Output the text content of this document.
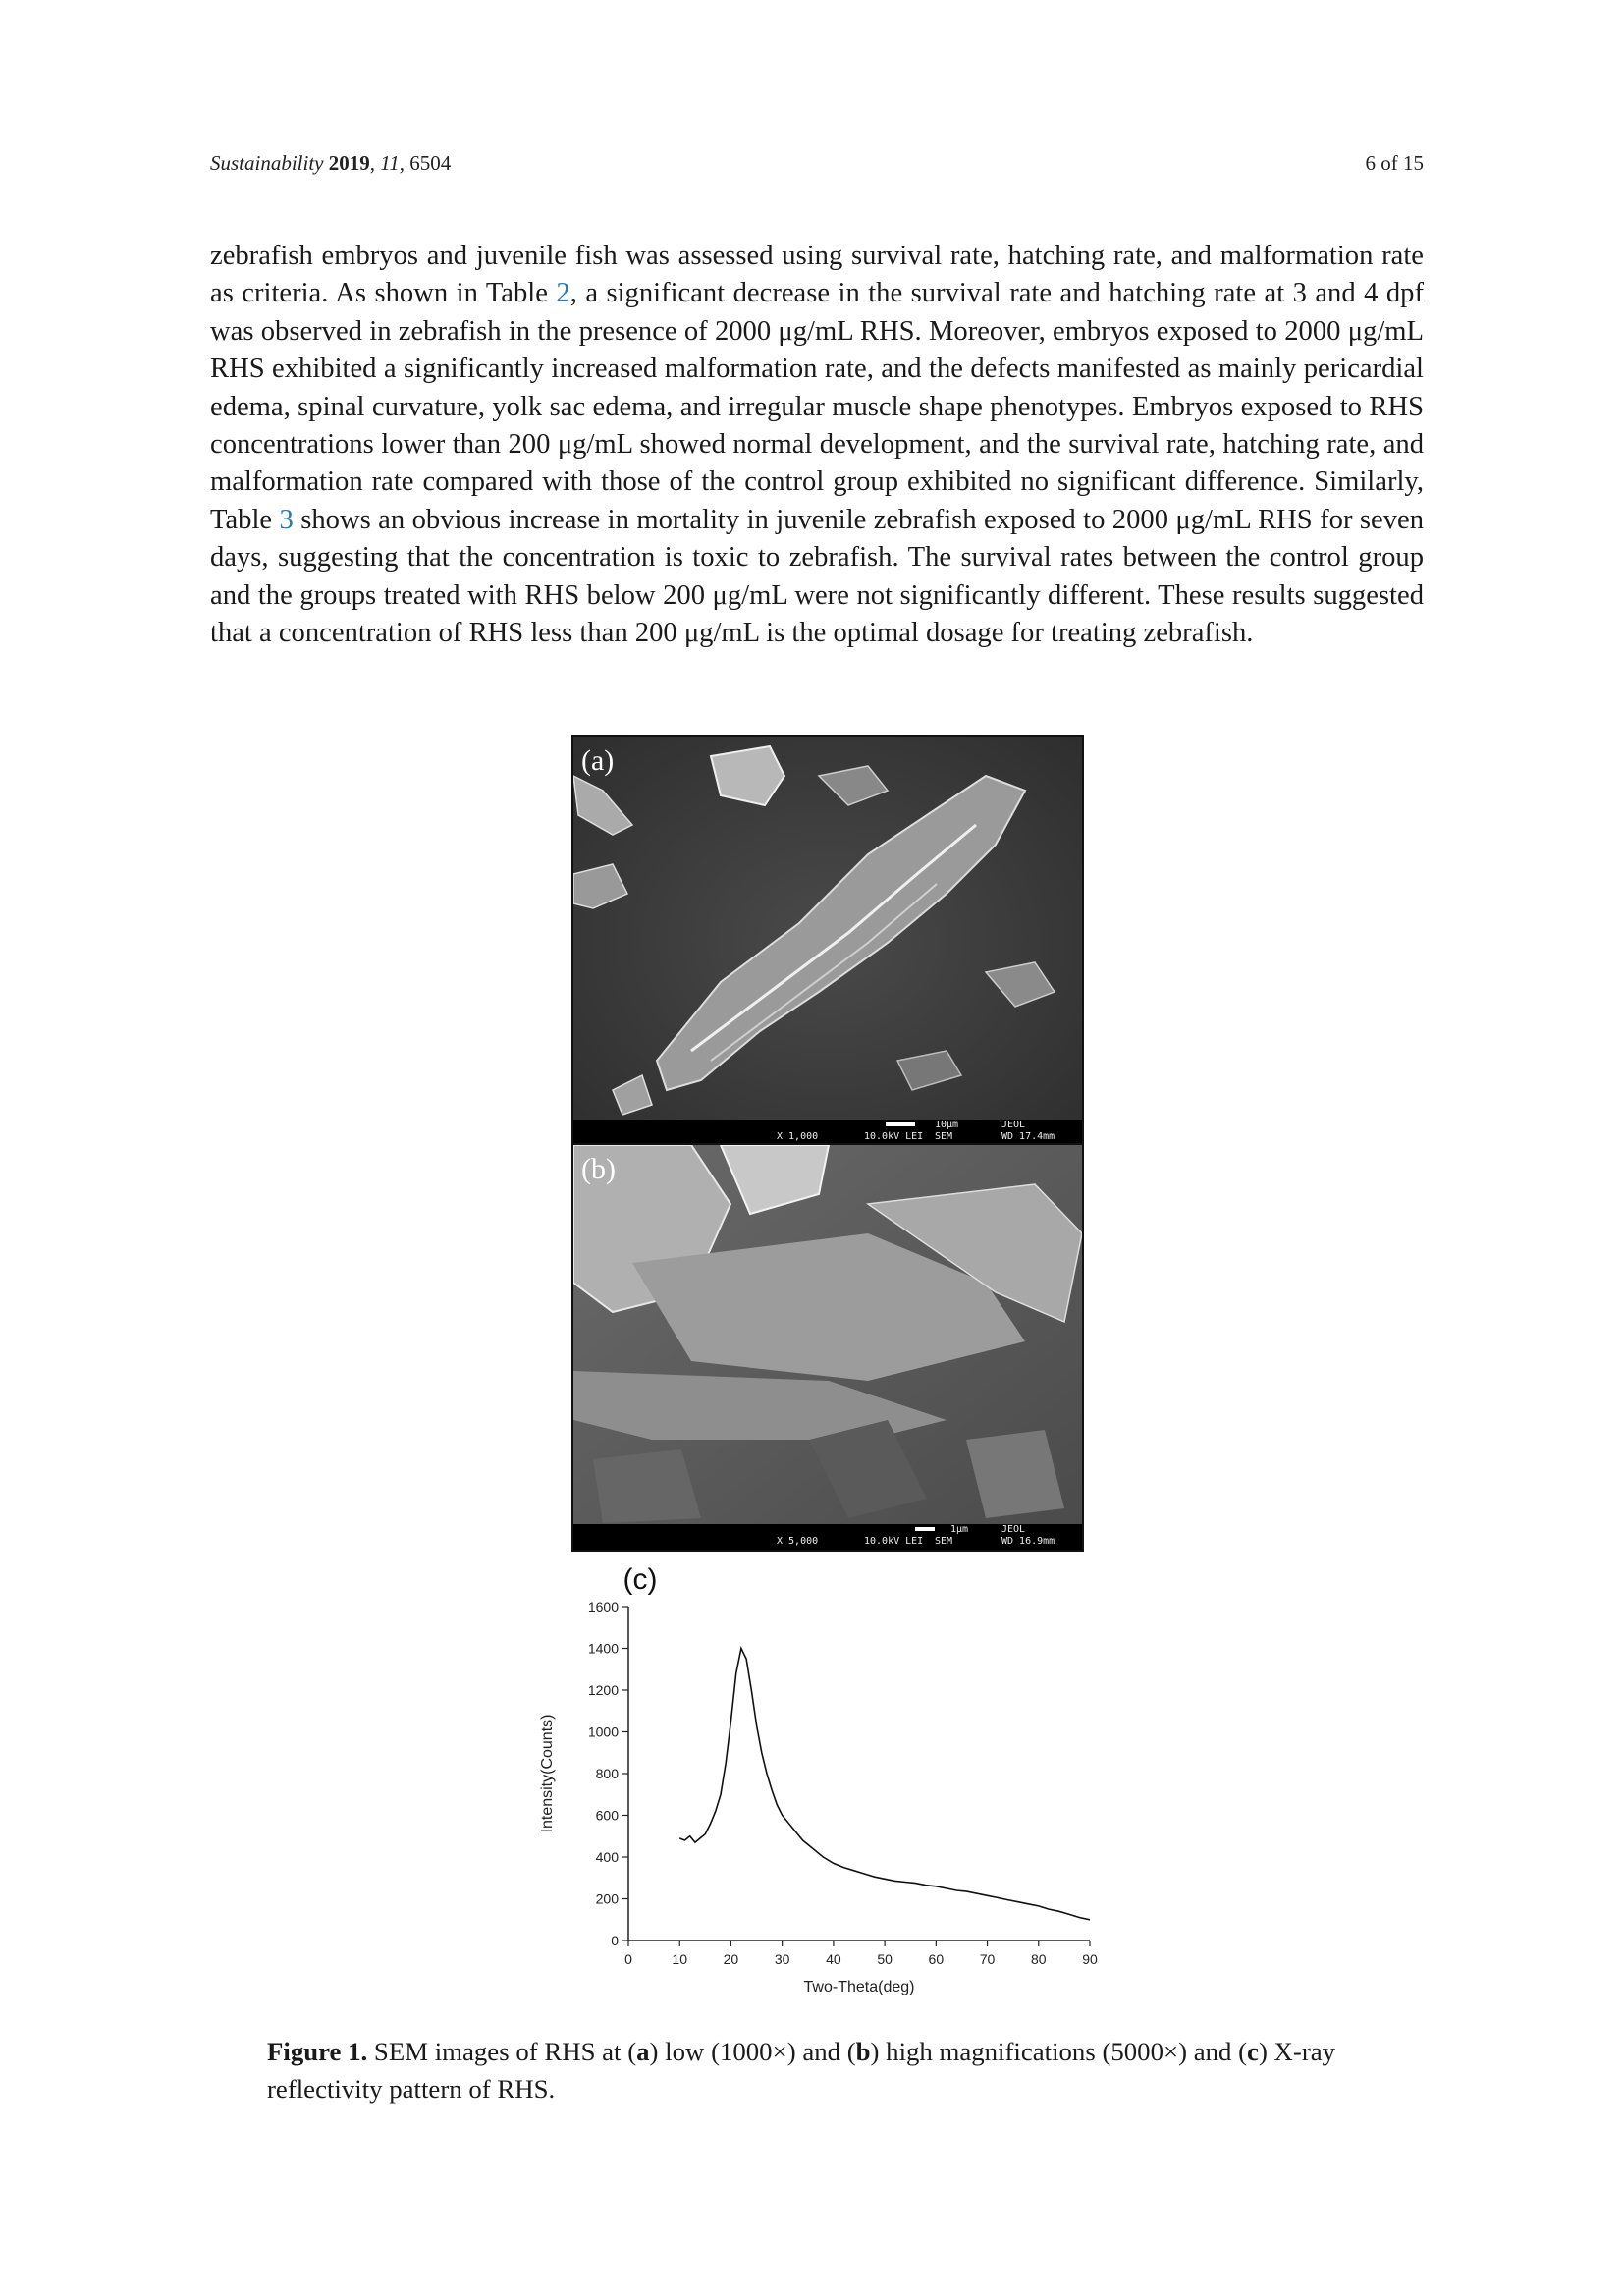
Sustainability 2019, 11, 6504	6 of 15

zebrafish embryos and juvenile fish was assessed using survival rate, hatching rate, and malformation rate as criteria. As shown in Table 2, a significant decrease in the survival rate and hatching rate at 3 and 4 dpf was observed in zebrafish in the presence of 2000 μg/mL RHS. Moreover, embryos exposed to 2000 μg/mL RHS exhibited a significantly increased malformation rate, and the defects manifested as mainly pericardial edema, spinal curvature, yolk sac edema, and irregular muscle shape phenotypes. Embryos exposed to RHS concentrations lower than 200 μg/mL showed normal development, and the survival rate, hatching rate, and malformation rate compared with those of the control group exhibited no significant difference. Similarly, Table 3 shows an obvious increase in mortality in juvenile zebrafish exposed to 2000 μg/mL RHS for seven days, suggesting that the concentration is toxic to zebrafish. The survival rates between the control group and the groups treated with RHS below 200 μg/mL were not significantly different. These results suggested that a concentration of RHS less than 200 μg/mL is the optimal dosage for treating zebrafish.

(a)
X 1,000	10.0kV LEI
10μm
SEM
JEOL
WD 17.4mm
(b)
X 5,000	10.0kV LEI
1μm
SEM
JEOL
WD 16.9mm
0	10	20	30	40	50	60	70	80	90
0
200
400
600
800
1000
1200
1400
1600
Two-Theta(deg)
Intensity(Counts)
(c)
Figure 1. SEM images of RHS at (a) low (1000×) and (b) high magnifications (5000×) and (c) X-ray reflectivity pattern of RHS.
